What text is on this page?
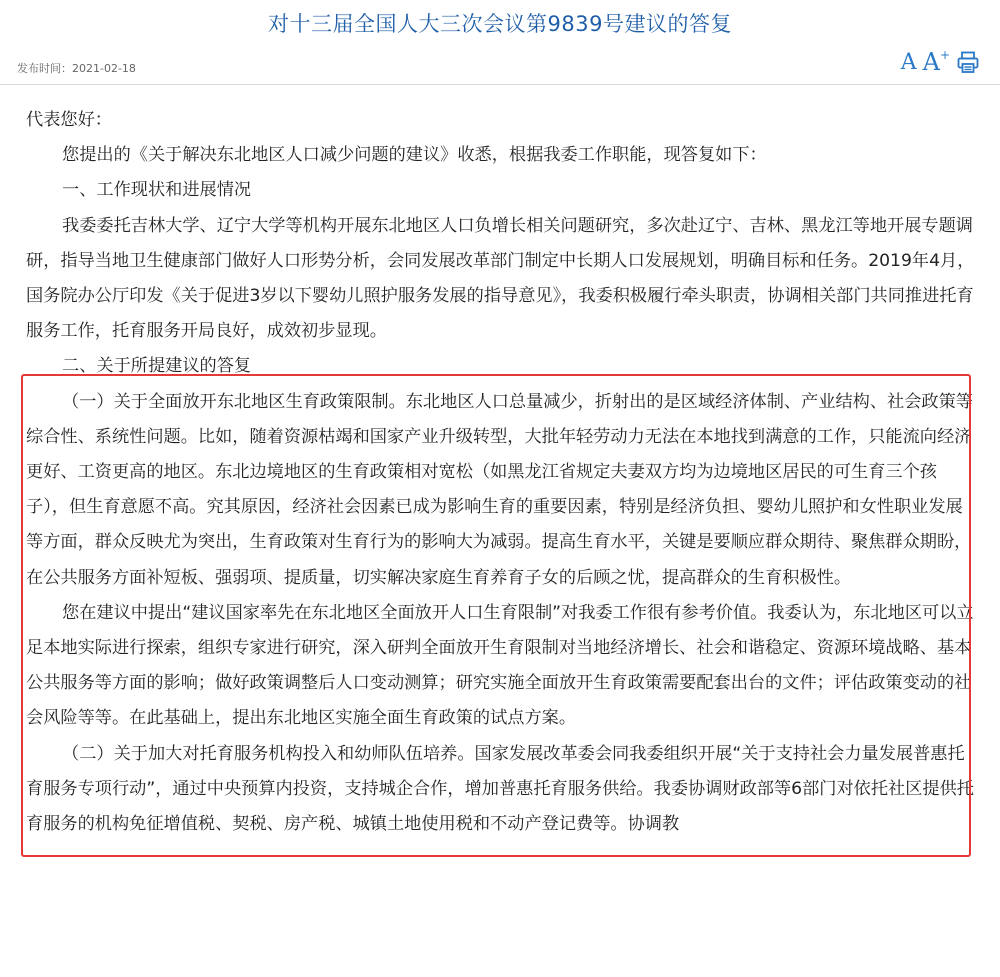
对十三届全国人大三次会议第9839号建议的答复
发布时间：2021-02-18	A A+

代表您好：

您提出的《关于解决东北地区人口减少问题的建议》收悉，根据我委工作职能，现答复如下：

一、工作现状和进展情况

我委委托吉林大学、辽宁大学等机构开展东北地区人口负增长相关问题研究，多次赴辽宁、吉林、黑龙江等地开展专题调研，指导当地卫生健康部门做好人口形势分析，会同发展改革部门制定中长期人口发展规划，明确目标和任务。2019年4月，国务院办公厅印发《关于促进3岁以下婴幼儿照护服务发展的指导意见》，我委积极履行牵头职责，协调相关部门共同推进托育服务工作，托育服务开局良好，成效初步显现。

二、关于所提建议的答复

（一）关于全面放开东北地区生育政策限制。东北地区人口总量减少，折射出的是区域经济体制、产业结构、社会政策等综合性、系统性问题。比如，随着资源枯竭和国家产业升级转型，大批年轻劳动力无法在本地找到满意的工作，只能流向经济更好、工资更高的地区。东北边境地区的生育政策相对宽松（如黑龙江省规定夫妻双方均为边境地区居民的可生育三个孩子），但生育意愿不高。究其原因，经济社会因素已成为影响生育的重要因素，特别是经济负担、婴幼儿照护和女性职业发展等方面，群众反映尤为突出，生育政策对生育行为的影响大为减弱。提高生育水平，关键是要顺应群众期待、聚焦群众期盼，在公共服务方面补短板、强弱项、提质量，切实解决家庭生育养育子女的后顾之忧，提高群众的生育积极性。

您在建议中提出“建议国家率先在东北地区全面放开人口生育限制”对我委工作很有参考价值。我委认为，东北地区可以立足本地实际进行探索，组织专家进行研究，深入研判全面放开生育限制对当地经济增长、社会和谐稳定、资源环境战略、基本公共服务等方面的影响；做好政策调整后人口变动测算；研究实施全面放开生育政策需要配套出台的文件；评估政策变动的社会风险等等。在此基础上，提出东北地区实施全面生育政策的试点方案。

（二）关于加大对托育服务机构投入和幼师队伍培养。国家发展改革委会同我委组织开展“关于支持社会力量发展普惠托育服务专项行动”，通过中央预算内投资，支持城企合作，增加普惠托育服务供给。我委协调财政部等6部门对依托社区提供托育服务的机构免征增值税、契税、房产税、城镇土地使用税和不动产登记费等。协调教
